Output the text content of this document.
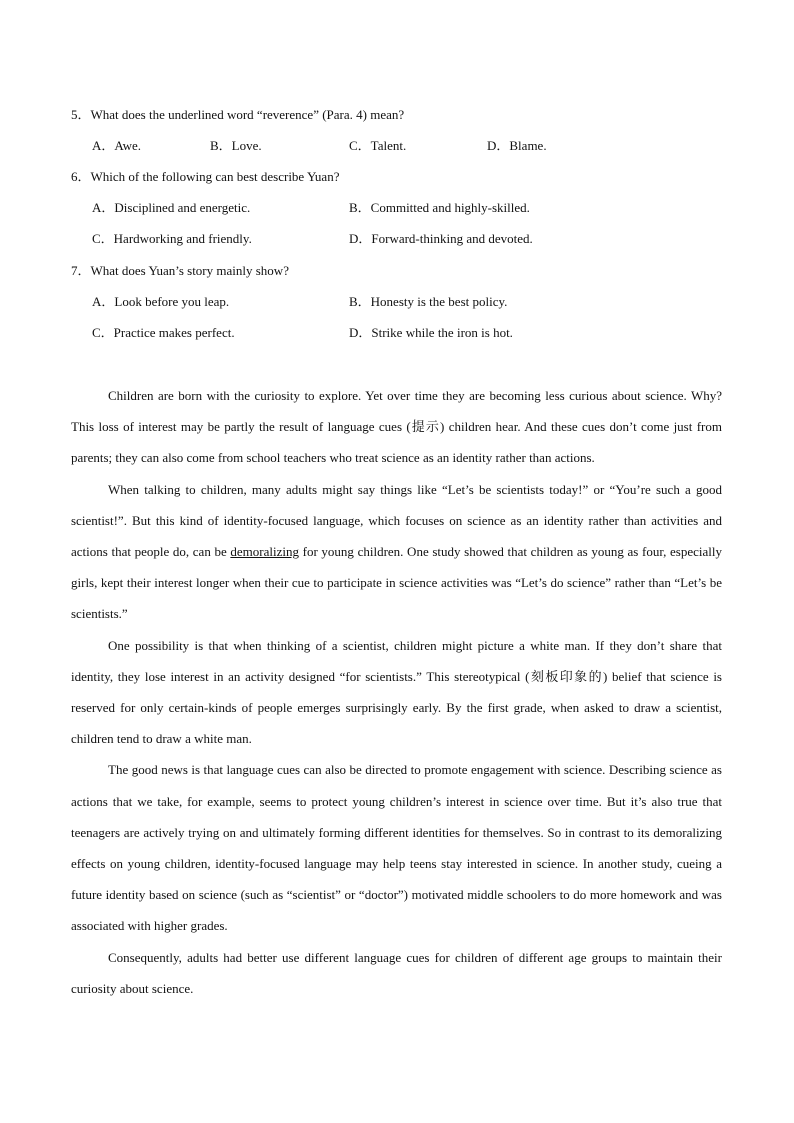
5．What does the underlined word “reverence” (Para. 4) mean?
A．Awe.	B．Love.	C．Talent.	D．Blame.
6．Which of the following can best describe Yuan?
A．Disciplined and energetic.	B．Committed and highly-skilled.
C．Hardworking and friendly.	D．Forward-thinking and devoted.
7．What does Yuan’s story mainly show?
A．Look before you leap.	B．Honesty is the best policy.
C．Practice makes perfect.	D．Strike while the iron is hot.

Children are born with the curiosity to explore. Yet over time they are becoming less curious about science. Why? This loss of interest may be partly the result of language cues (提示) children hear. And these cues don’t come just from parents; they can also come from school teachers who treat science as an identity rather than actions.

When talking to children, many adults might say things like “Let’s be scientists today!” or “You’re such a good scientist!”. But this kind of identity-focused language, which focuses on science as an identity rather than activities and actions that people do, can be demoralizing for young children. One study showed that children as young as four, especially girls, kept their interest longer when their cue to participate in science activities was “Let’s do science” rather than “Let’s be scientists.”

One possibility is that when thinking of a scientist, children might picture a white man. If they don’t share that identity, they lose interest in an activity designed “for scientists.” This stereotypical (刻板印象的) belief that science is reserved for only certain-kinds of people emerges surprisingly early. By the first grade, when asked to draw a scientist, children tend to draw a white man.

The good news is that language cues can also be directed to promote engagement with science. Describing science as actions that we take, for example, seems to protect young children’s interest in science over time. But it’s also true that teenagers are actively trying on and ultimately forming different identities for themselves. So in contrast to its demoralizing effects on young children, identity-focused language may help teens stay interested in science. In another study, cueing a future identity based on science (such as “scientist” or “doctor”) motivated middle schoolers to do more homework and was associated with higher grades.

Consequently, adults had better use different language cues for children of different age groups to maintain their curiosity about science.
